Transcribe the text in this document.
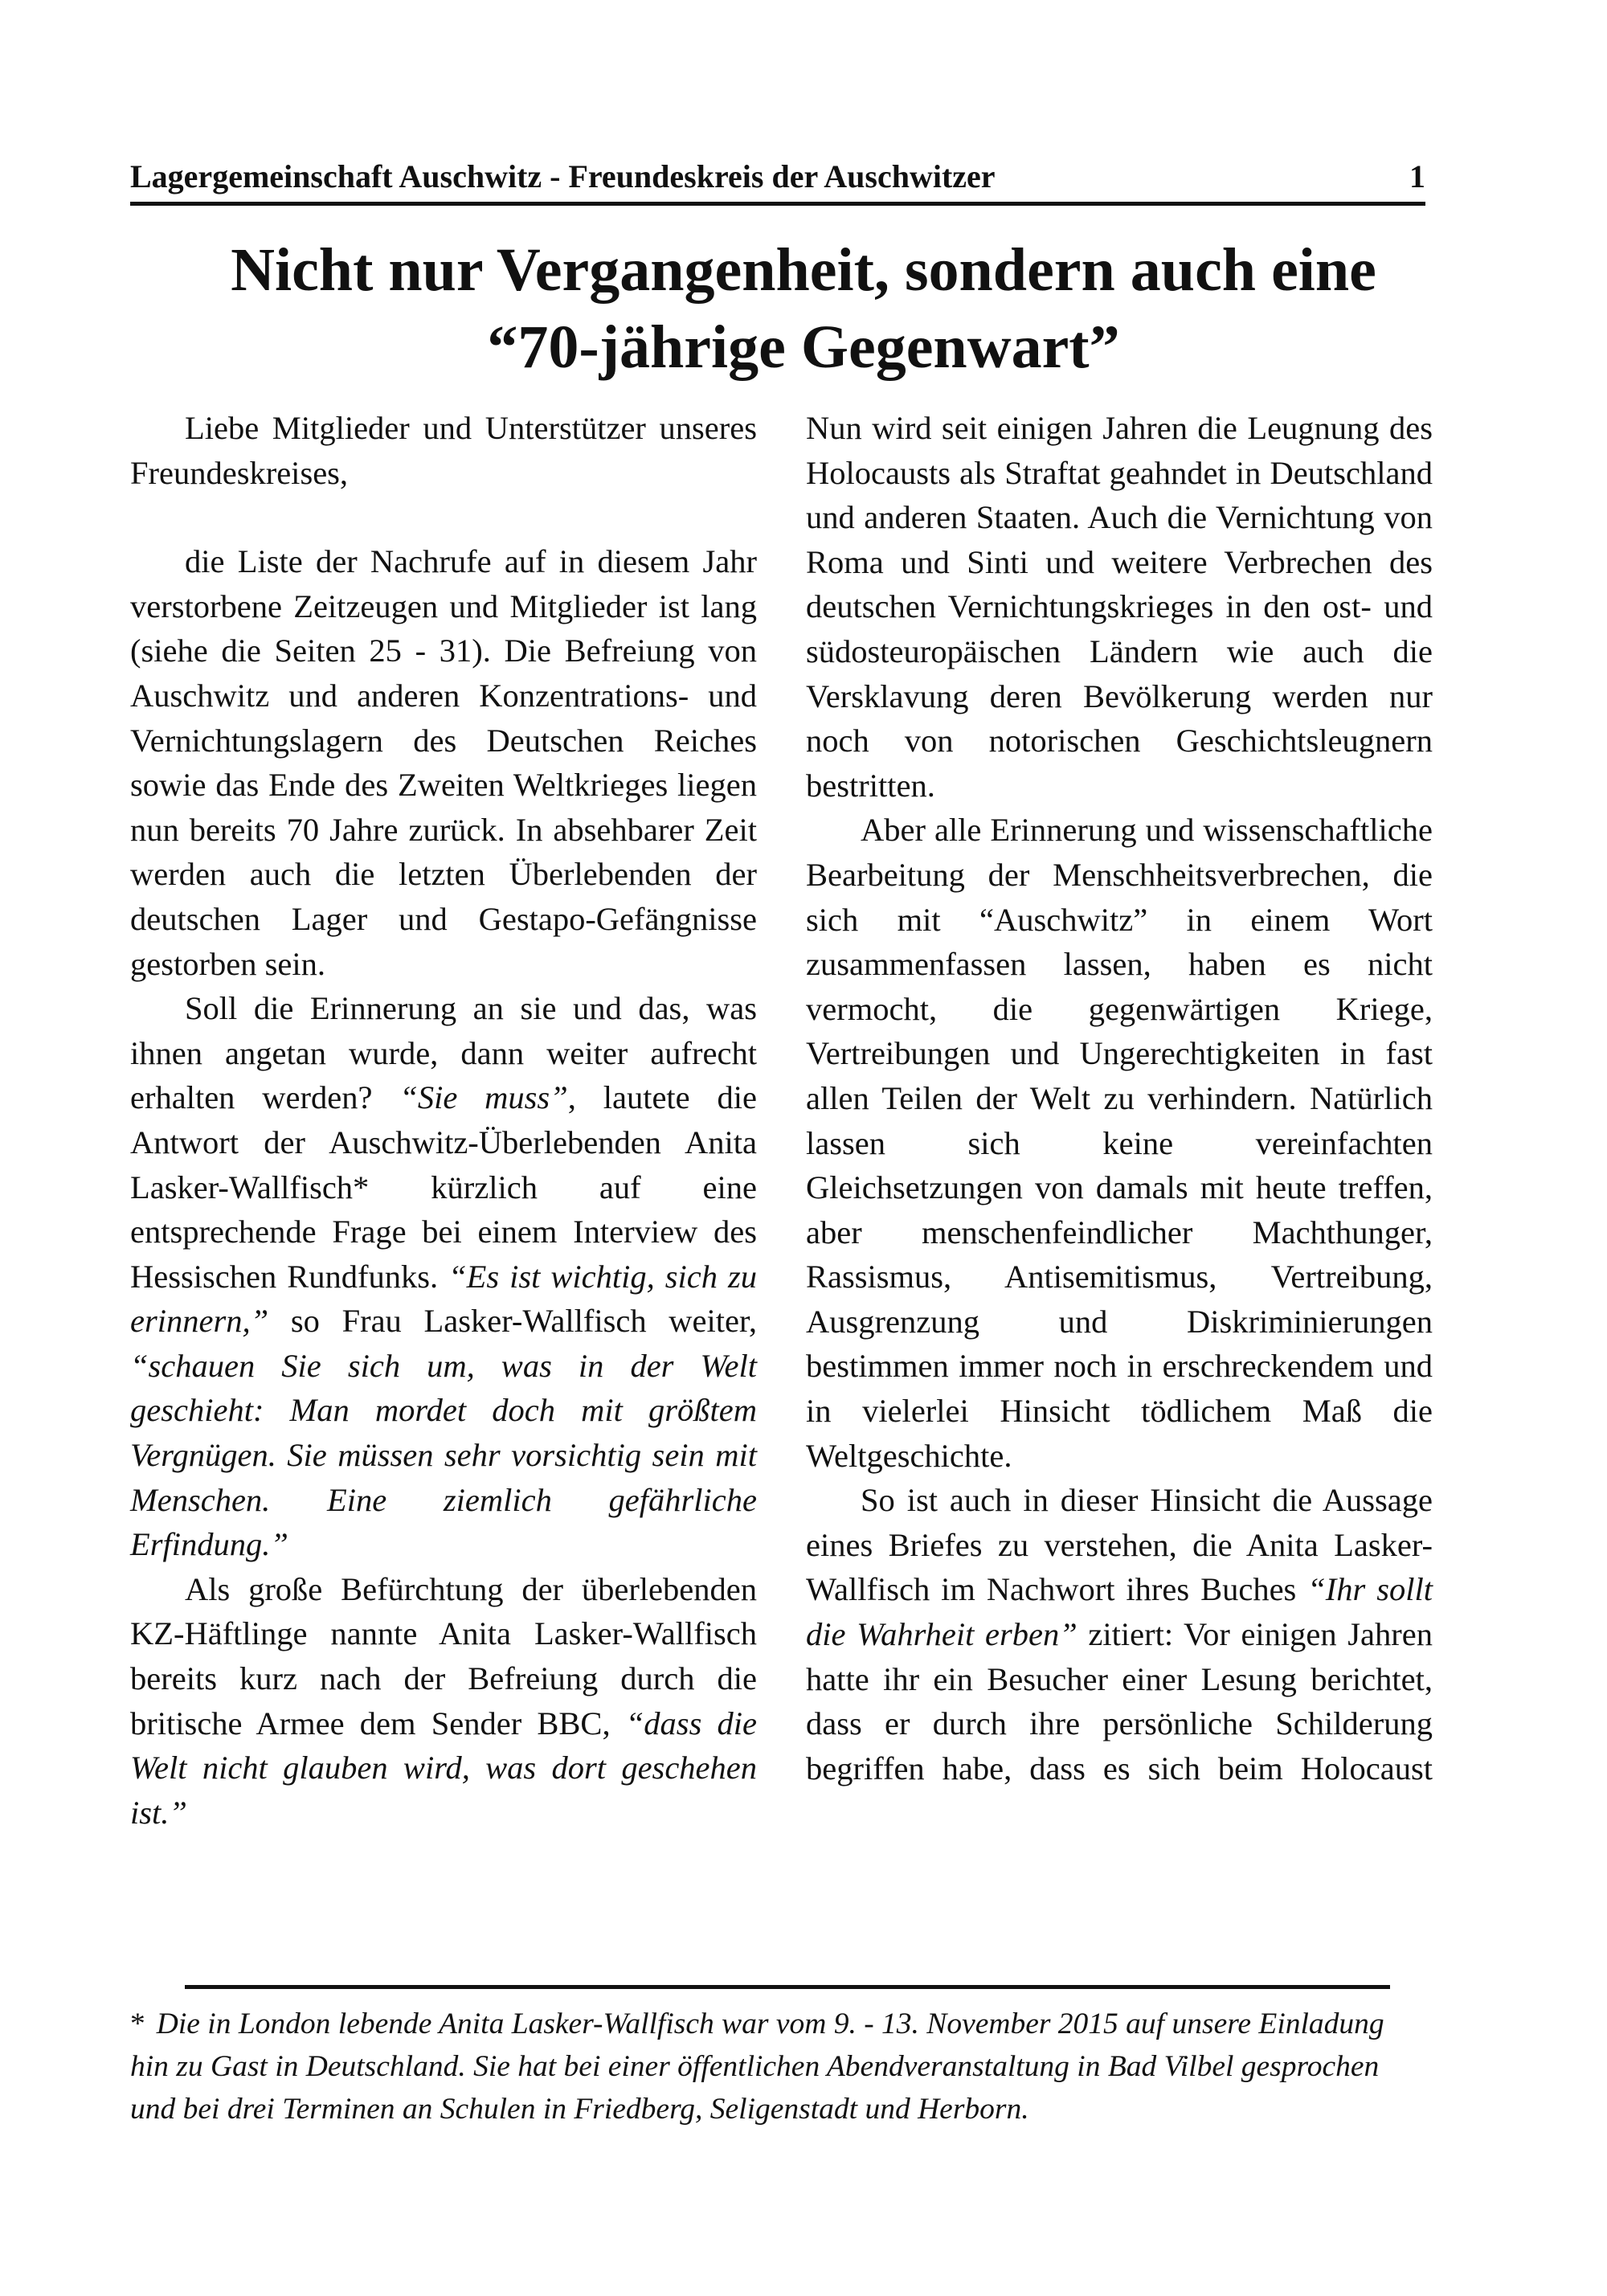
Lagergemeinschaft Auschwitz - Freundeskreis der Auschwitzer	1
Nicht nur Vergangenheit, sondern auch eine
“70-jährige Gegenwart”

Liebe Mitglieder und Unterstützer unseres Freundeskreises,

die Liste der Nachrufe auf in diesem Jahr verstorbene Zeitzeugen und Mitglieder ist lang (siehe die Seiten 25 - 31). Die Befreiung von Auschwitz und anderen Konzentrations- und Vernichtungslagern des Deutschen Reiches sowie das Ende des Zweiten Weltkrieges liegen nun bereits 70 Jahre zurück. In absehbarer Zeit werden auch die letzten Überlebenden der deutschen Lager und Gestapo-Gefängnisse gestorben sein.

Soll die Erinnerung an sie und das, was ihnen angetan wurde, dann weiter aufrecht erhalten werden? “Sie muss”, lautete die Antwort der Auschwitz-Überlebenden Anita Lasker-Wallfisch* kürzlich auf eine entsprechende Frage bei einem Interview des Hessischen Rundfunks. “Es ist wichtig, sich zu erinnern,” so Frau Lasker-Wallfisch weiter, “schauen Sie sich um, was in der Welt geschieht: Man mordet doch mit größtem Vergnügen. Sie müssen sehr vorsichtig sein mit Menschen. Eine ziemlich gefährliche Erfindung.”

Als große Befürchtung der überlebenden KZ-Häftlinge nannte Anita Lasker-Wallfisch bereits kurz nach der Befreiung durch die britische Armee dem Sender BBC, “dass die Welt nicht glauben wird, was dort geschehen ist.”

Nun wird seit einigen Jahren die Leugnung des Holocausts als Straftat geahndet in Deutschland und anderen Staaten. Auch die Vernichtung von Roma und Sinti und weitere Verbrechen des deutschen Vernichtungskrieges in den ost- und südosteuropäischen Ländern wie auch die Versklavung deren Bevölkerung werden nur noch von notorischen Geschichtsleugnern bestritten.

Aber alle Erinnerung und wissenschaftliche Bearbeitung der Menschheitsverbrechen, die sich mit “Auschwitz” in einem Wort zusammenfassen lassen, haben es nicht vermocht, die gegenwärtigen Kriege, Vertreibungen und Ungerechtigkeiten in fast allen Teilen der Welt zu verhindern. Natürlich lassen sich keine vereinfachten Gleichsetzungen von damals mit heute treffen, aber menschenfeindlicher Machthunger, Rassismus, Antisemitismus, Vertreibung, Ausgrenzung und Diskriminierungen bestimmen immer noch in erschreckendem und in vielerlei Hinsicht tödlichem Maß die Weltgeschichte.

So ist auch in dieser Hinsicht die Aussage eines Briefes zu verstehen, die Anita Lasker-Wallfisch im Nachwort ihres Buches “Ihr sollt die Wahrheit erben” zitiert: Vor einigen Jahren hatte ihr ein Besucher einer Lesung berichtet, dass er durch ihre persönliche Schilderung begriffen habe, dass es sich beim Holocaust

* Die in London lebende Anita Lasker-Wallfisch war vom 9. - 13. November 2015 auf unsere Einladung hin zu Gast in Deutschland. Sie hat bei einer öffentlichen Abendveranstaltung in Bad Vilbel gesprochen und bei drei Terminen an Schulen in Friedberg, Seligenstadt und Herborn.
